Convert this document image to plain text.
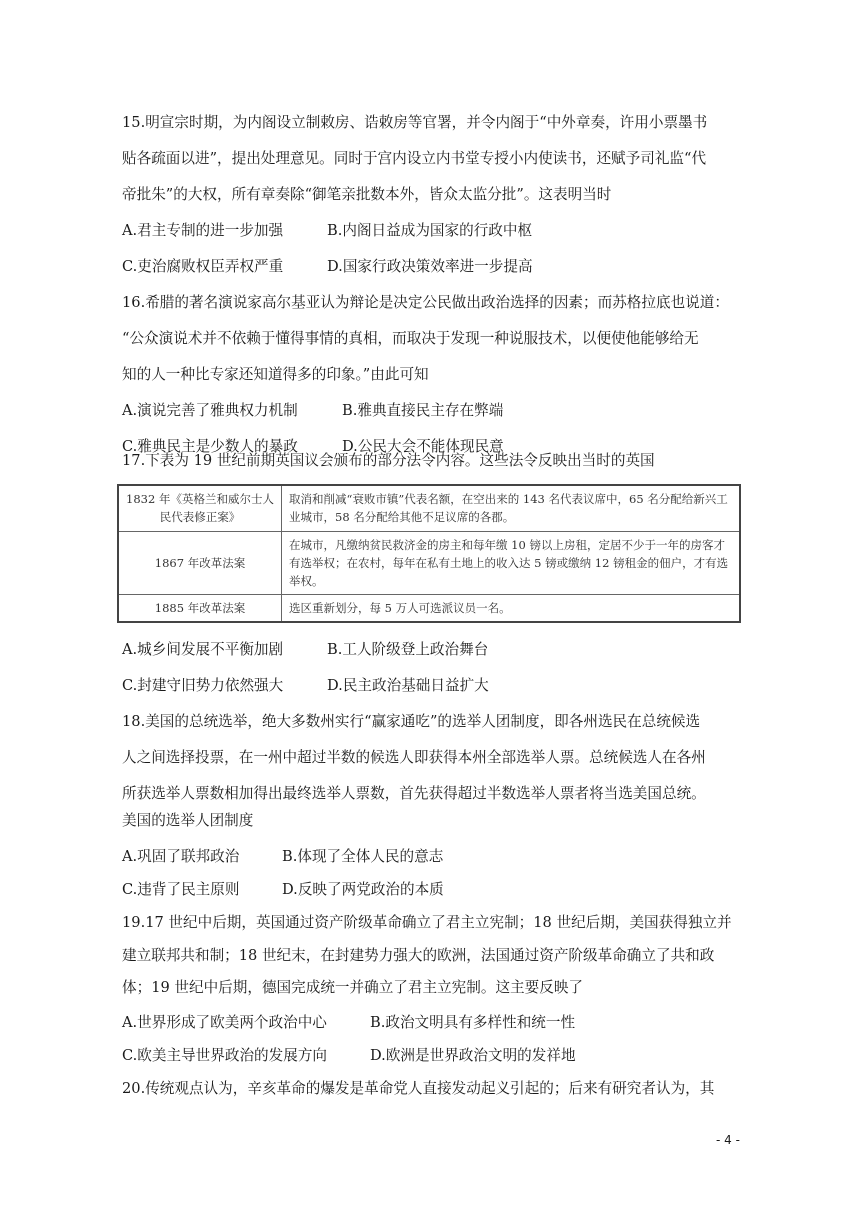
15.明宣宗时期，为内阁设立制敕房、诰敕房等官署，并令内阁于“中外章奏，许用小票墨书
贴各疏面以进”，提出处理意见。同时于宫内设立内书堂专授小内使读书，还赋予司礼监“代
帝批朱”的大权，所有章奏除“御笔亲批数本外，皆众太监分批”。这表明当时
A.君主专制的进一步加强	B.内阁日益成为国家的行政中枢
C.吏治腐败权臣弄权严重	D.国家行政决策效率进一步提高
16.希腊的著名演说家高尔基亚认为辩论是决定公民做出政治选择的因素；而苏格拉底也说道：
“公众演说术并不依赖于懂得事情的真相，而取决于发现一种说服技术，以便使他能够给无
知的人一种比专家还知道得多的印象。”由此可知
A.演说完善了雅典权力机制	B.雅典直接民主存在弊端
C.雅典民主是少数人的暴政	D.公民大会不能体现民意
17.下表为 19 世纪前期英国议会颁布的部分法令内容。这些法令反映出当时的英国
1832 年《英格兰和威尔士人民代表修正案》	取消和削减“衰败市镇”代表名额，在空出来的 143 名代表议席中，65 名分配给新兴工业城市，58 名分配给其他不足议席的各郡。
1867 年改革法案	在城市，凡缴纳贫民救济金的房主和每年缴 10 镑以上房租，定居不少于一年的房客才有选举权；在农村，每年在私有土地上的收入达 5 镑或缴纳 12 镑租金的佃户，才有选举权。
1885 年改革法案	选区重新划分，每 5 万人可选派议员一名。
A.城乡间发展不平衡加剧	B.工人阶级登上政治舞台
C.封建守旧势力依然强大	D.民主政治基础日益扩大
18.美国的总统选举，绝大多数州实行“赢家通吃”的选举人团制度，即各州选民在总统候选
人之间选择投票，在一州中超过半数的候选人即获得本州全部选举人票。总统候选人在各州
所获选举人票数相加得出最终选举人票数，首先获得超过半数选举人票者将当选美国总统。
美国的选举人团制度
A.巩固了联邦政治	B.体现了全体人民的意志
C.违背了民主原则	D.反映了两党政治的本质
19.17 世纪中后期，英国通过资产阶级革命确立了君主立宪制；18 世纪后期，美国获得独立并
建立联邦共和制；18 世纪末，在封建势力强大的欧洲，法国通过资产阶级革命确立了共和政
体；19 世纪中后期，德国完成统一并确立了君主立宪制。这主要反映了
A.世界形成了欧美两个政治中心	B.政治文明具有多样性和统一性
C.欧美主导世界政治的发展方向	D.欧洲是世界政治文明的发祥地
20.传统观点认为，辛亥革命的爆发是革命党人直接发动起义引起的；后来有研究者认为，其
- 4 -
